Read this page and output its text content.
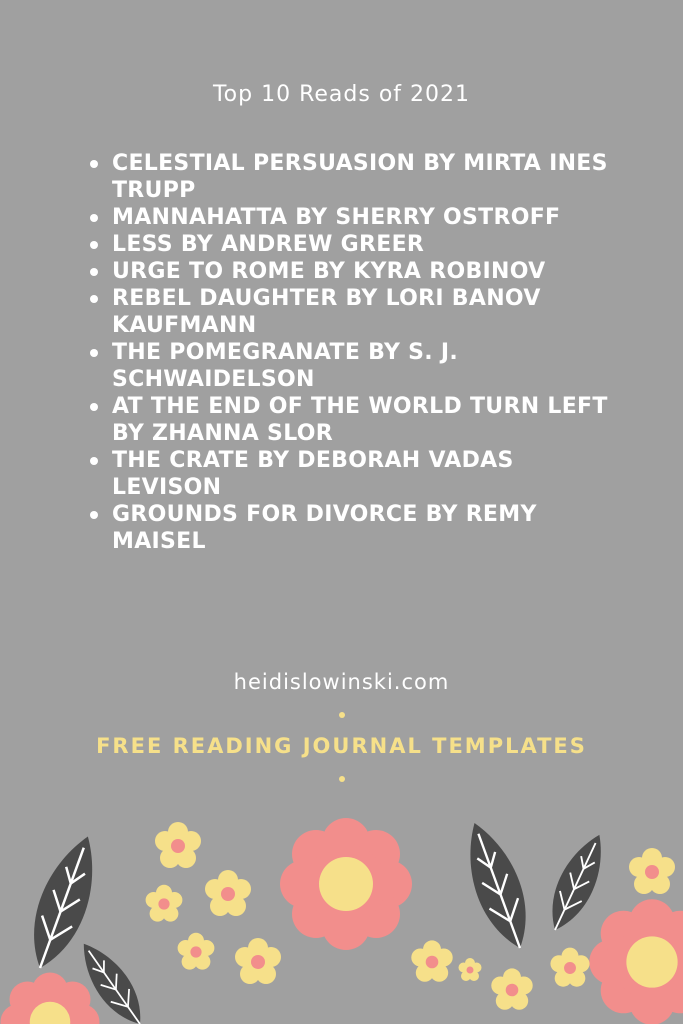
Top 10 Reads of 2021
CELESTIAL PERSUASION BY MIRTA INES TRUPP
MANNAHATTA BY SHERRY OSTROFF
LESS BY ANDREW GREER
URGE TO ROME BY KYRA ROBINOV
REBEL DAUGHTER BY LORI BANOV KAUFMANN
THE POMEGRANATE BY S. J. SCHWAIDELSON
AT THE END OF THE WORLD TURN LEFT BY ZHANNA SLOR
THE CRATE BY DEBORAH VADAS LEVISON
GROUNDS FOR DIVORCE BY REMY MAISEL
heidislowinski.com
FREE READING JOURNAL TEMPLATES
